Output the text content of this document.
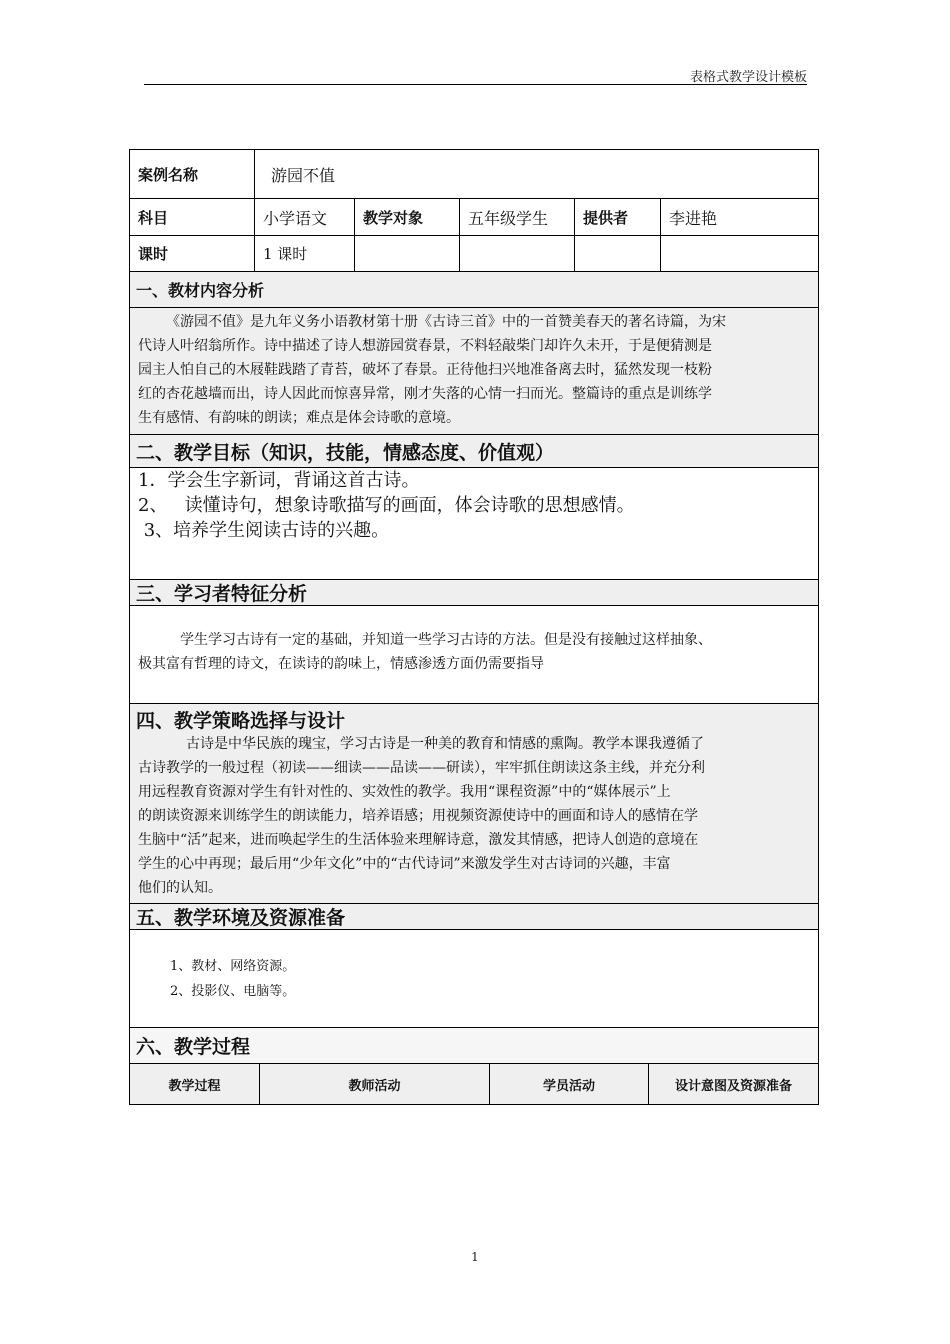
表格式教学设计模板
案例名称	游园不值
科目	小学语文	教学对象	五年级学生	提供者	李进艳
课时	1 课时
一、教材内容分析

《游园不值》是九年义务小语教材第十册《古诗三首》中的一首赞美春天的著名诗篇，为宋

代诗人叶绍翁所作。诗中描述了诗人想游园赏春景，不料轻敲柴门却许久未开，于是便猜测是

园主人怕自己的木屐鞋践踏了青苔，破坏了春景。正待他扫兴地准备离去时，猛然发现一枝粉

红的杏花越墙而出，诗人因此而惊喜异常，刚才失落的心情一扫而光。整篇诗的重点是训练学

生有感情、有韵味的朗读；难点是体会诗歌的意境。

二、教学目标（知识，技能，情感态度、价值观）
1．学会生字新词，背诵这首古诗。
2、   读懂诗句，想象诗歌描写的画面，体会诗歌的思想感情。
3、培养学生阅读古诗的兴趣。
三、学习者特征分析

学生学习古诗有一定的基础，并知道一些学习古诗的方法。但是没有接触过这样抽象、

极其富有哲理的诗文，在读诗的韵味上，情感渗透方面仍需要指导

四、教学策略选择与设计

古诗是中华民族的瑰宝，学习古诗是一种美的教育和情感的熏陶。教学本课我遵循了

古诗教学的一般过程（初读——细读——品读——研读），牢牢抓住朗读这条主线，并充分利

用远程教育资源对学生有针对性的、实效性的教学。我用“课程资源”中的“媒体展示”上

的朗读资源来训练学生的朗读能力，培养语感；用视频资源使诗中的画面和诗人的感情在学

生脑中“活”起来，进而唤起学生的生活体验来理解诗意，激发其情感，把诗人创造的意境在

学生的心中再现；最后用“少年文化”中的“古代诗词”来激发学生对古诗词的兴趣，丰富

他们的认知。

五、教学环境及资源准备

1、教材、网络资源。

2、投影仪、电脑等。

六、教学过程
教学过程	教师活动	学员活动	设计意图及资源准备
1
